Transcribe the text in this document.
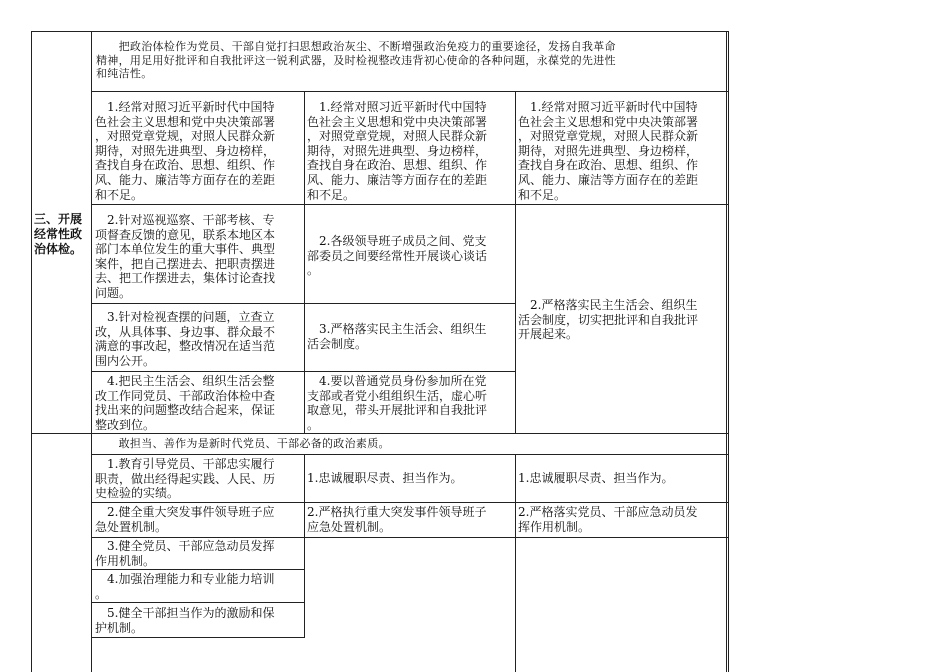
三、开展
经常性政
治体检。
　　把政治体检作为党员、干部自觉打扫思想政治灰尘、不断增强政治免疫力的重要途径，发扬自我革命
精神，用足用好批评和自我批评这一锐利武器，及时检视整改违背初心使命的各种问题，永葆党的先进性
和纯洁性。
　1.经常对照习近平新时代中国特
色社会主义思想和党中央决策部署
，对照党章党规，对照人民群众新
期待，对照先进典型、身边榜样，
查找自身在政治、思想、组织、作
风、能力、廉洁等方面存在的差距
和不足。
　1.经常对照习近平新时代中国特
色社会主义思想和党中央决策部署
，对照党章党规，对照人民群众新
期待，对照先进典型、身边榜样，
查找自身在政治、思想、组织、作
风、能力、廉洁等方面存在的差距
和不足。
　1.经常对照习近平新时代中国特
色社会主义思想和党中央决策部署
，对照党章党规，对照人民群众新
期待，对照先进典型、身边榜样，
查找自身在政治、思想、组织、作
风、能力、廉洁等方面存在的差距
和不足。
　2.针对巡视巡察、干部考核、专
项督查反馈的意见，联系本地区本
部门本单位发生的重大事件、典型
案件，把自己摆进去、把职责摆进
去、把工作摆进去，集体讨论查找
问题。
　2.各级领导班子成员之间、党支
部委员之间要经常性开展谈心谈话
。
　3.针对检视查摆的问题，立查立
改，从具体事、身边事、群众最不
满意的事改起，整改情况在适当范
围内公开。
　3.严格落实民主生活会、组织生
活会制度。
　2.严格落实民主生活会、组织生
活会制度，切实把批评和自我批评
开展起来。
　4.把民主生活会、组织生活会整
改工作同党员、干部政治体检中查
找出来的问题整改结合起来，保证
整改到位。
　4.要以普通党员身份参加所在党
支部或者党小组组织生活，虚心听
取意见，带头开展批评和自我批评
。
　　敢担当、善作为是新时代党员、干部必备的政治素质。
　1.教育引导党员、干部忠实履行
职责，做出经得起实践、人民、历
史检验的实绩。
1.忠诚履职尽责、担当作为。	1.忠诚履职尽责、担当作为。
　2.健全重大突发事件领导班子应
急处置机制。
2.严格执行重大突发事件领导班子
应急处置机制。
2.严格落实党员、干部应急动员发
挥作用机制。
　3.健全党员、干部应急动员发挥
作用机制。
　4.加强治理能力和专业能力培训
。
　5.健全干部担当作为的激励和保
护机制。
